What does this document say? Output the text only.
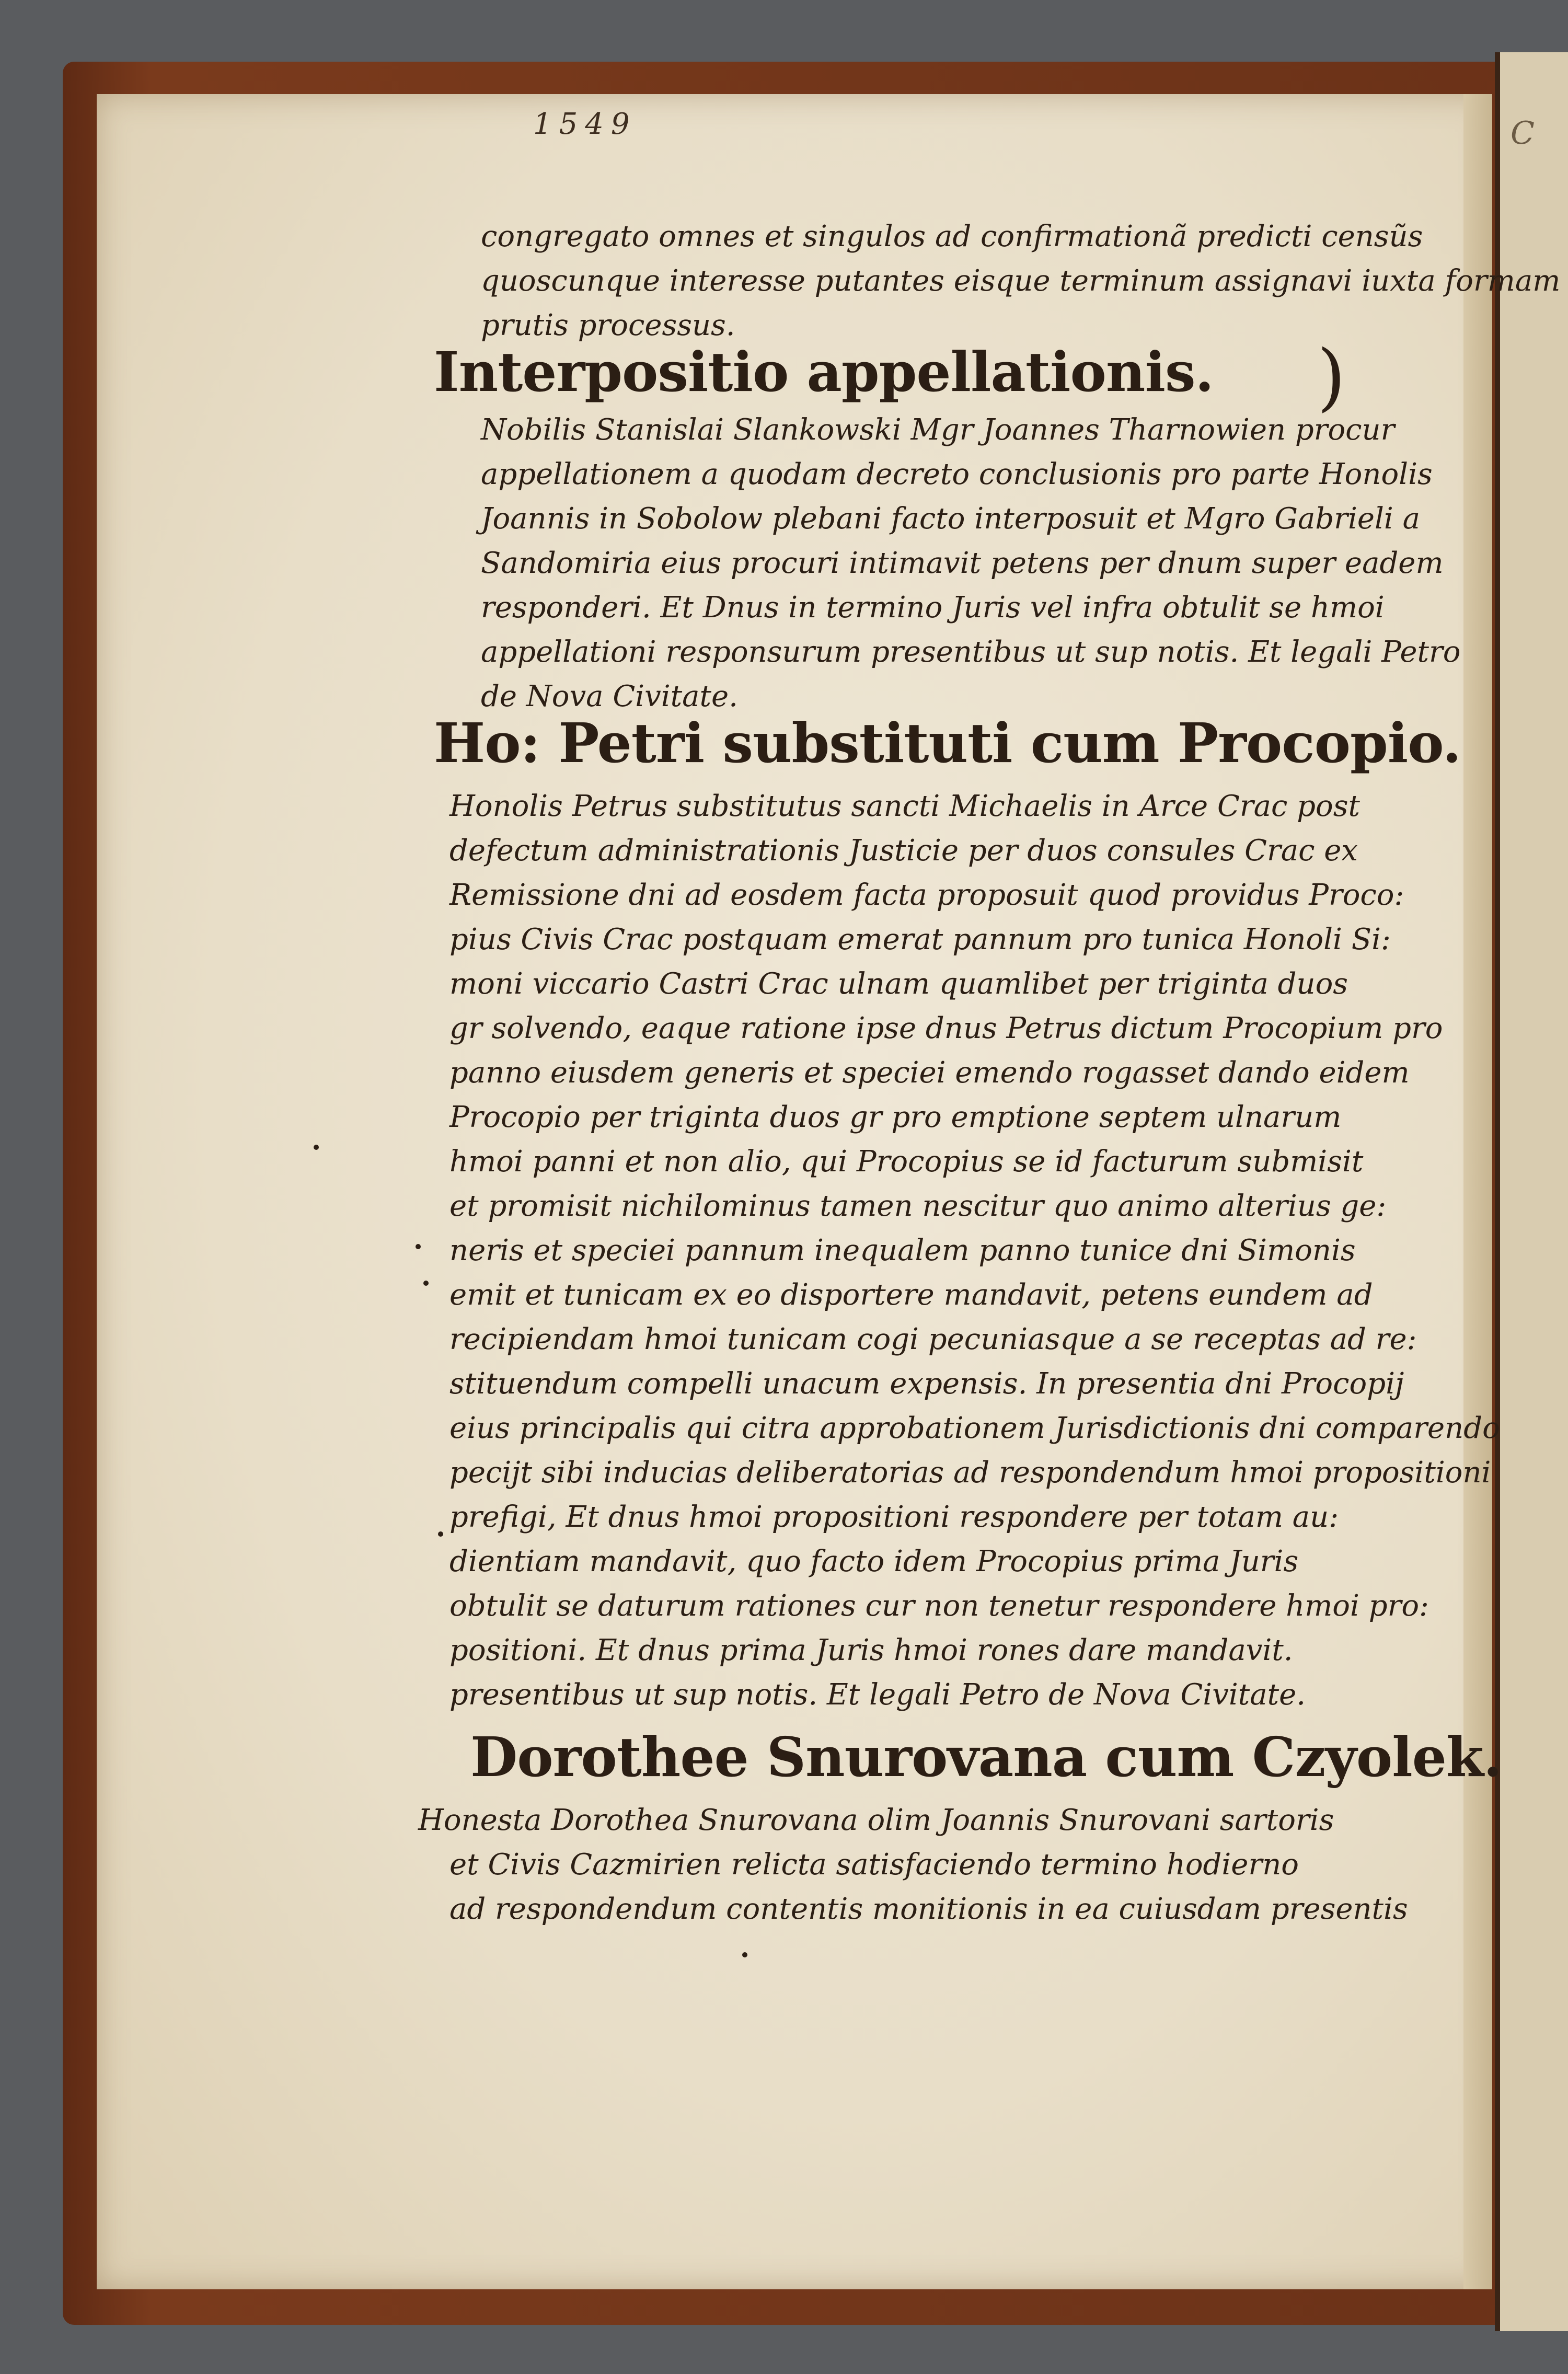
C
1549
congregato omnes et singulos ad confirmationã predicti censũs
quoscunque interesse putantes eisque terminum assignavi iuxta formam
prutis processus.
Interpositio appellationis. )
Nobilis Stanislai Slankowski Mgr Joannes Tharnowien procur
appellationem a quodam decreto conclusionis pro parte Honolis
Joannis in Sobolow plebani facto interposuit et Mgro Gabrieli a
Sandomiria eius procuri intimavit petens per dnum super eadem
responderi. Et Dnus in termino Juris vel infra obtulit se hmoi
appellationi responsurum presentibus ut sup notis. Et legali Petro
de Nova Civitate.
Ho: Petri substituti cum Procopio.
Honolis Petrus substitutus sancti Michaelis in Arce Crac post
defectum administrationis Justicie per duos consules Crac ex
Remissione dni ad eosdem facta proposuit quod providus Proco:
pius Civis Crac postquam emerat pannum pro tunica Honoli Si:
moni viccario Castri Crac ulnam quamlibet per triginta duos
gr solvendo, eaque ratione ipse dnus Petrus dictum Procopium pro
panno eiusdem generis et speciei emendo rogasset dando eidem
Procopio per triginta duos gr pro emptione septem ulnarum
hmoi panni et non alio, qui Procopius se id facturum submisit
et promisit nichilominus tamen nescitur quo animo alterius ge:
neris et speciei pannum inequalem panno tunice dni Simonis
emit et tunicam ex eo disportere mandavit, petens eundem ad
recipiendam hmoi tunicam cogi pecuniasque a se receptas ad re:
stituendum compelli unacum expensis. In presentia dni Procopij
eius principalis qui citra approbationem Jurisdictionis dni comparendo
pecijt sibi inducias deliberatorias ad respondendum hmoi propositioni
prefigi, Et dnus hmoi propositioni respondere per totam au:
dientiam mandavit, quo facto idem Procopius prima Juris
obtulit se daturum rationes cur non tenetur respondere hmoi pro:
positioni. Et dnus prima Juris hmoi rones dare mandavit.
presentibus ut sup notis. Et legali Petro de Nova Civitate.
Dorothee Snurovana cum Czyolek.
Honesta Dorothea Snurovana olim Joannis Snurovani sartoris
et Civis Cazmirien relicta satisfaciendo termino hodierno
ad respondendum contentis monitionis in ea cuiusdam presentis
